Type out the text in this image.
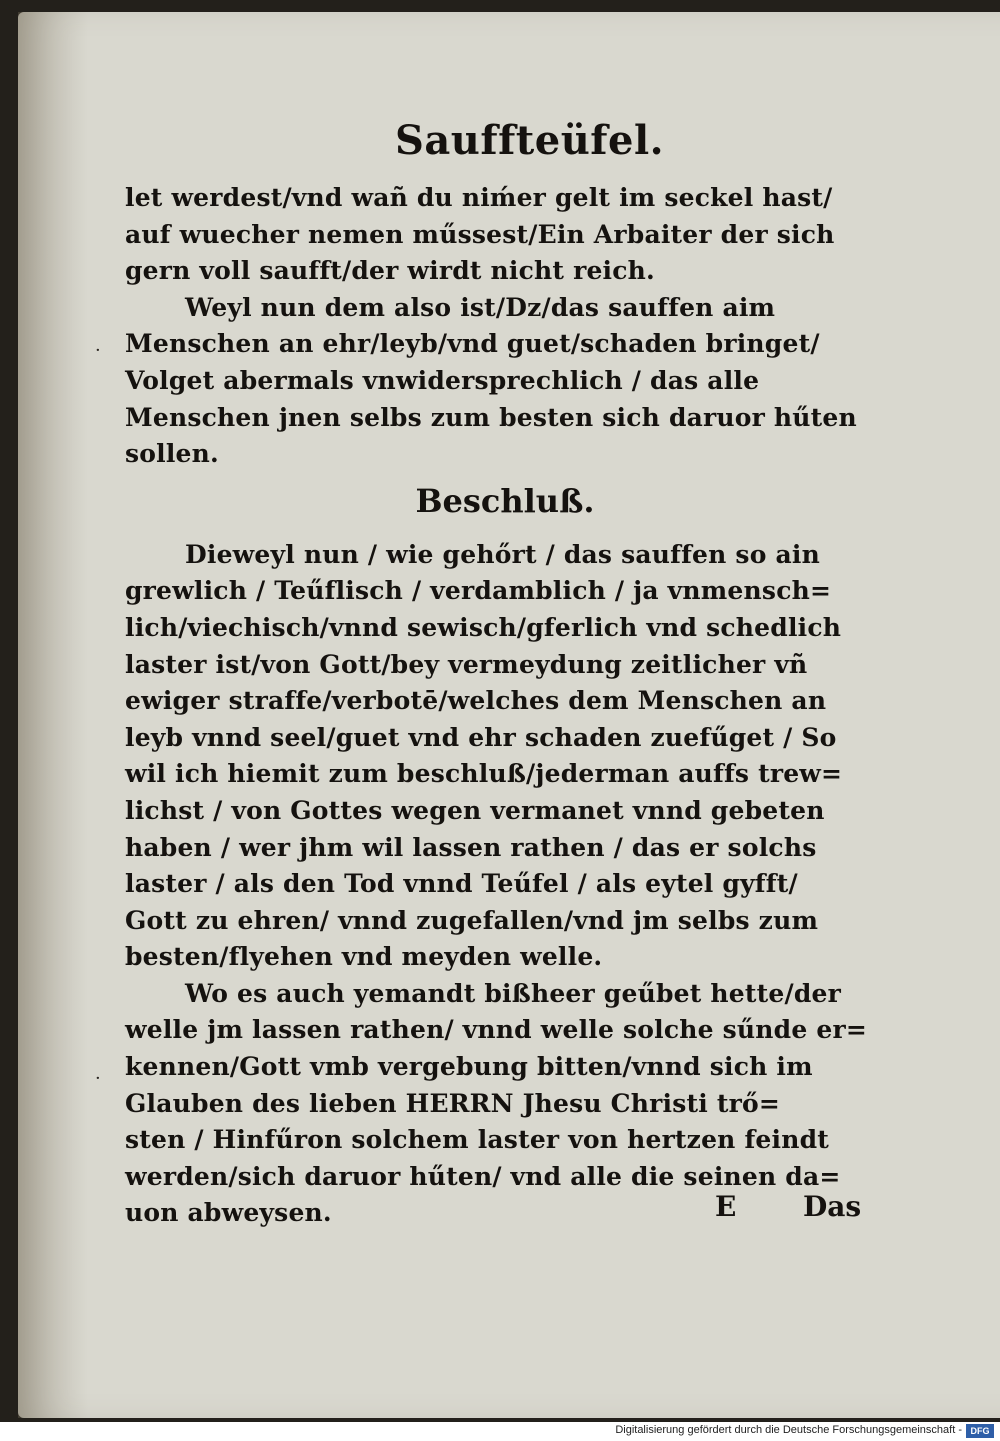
Sauffteüfel.
let werdest/vnd wañ du niḿer gelt im seckel hast/
auf wuecher nemen műssest/Ein Arbaiter der sich
gern voll saufft/der wirdt nicht reich.
Weyl nun dem also ist/Dz/das sauffen aim
Menschen an ehr/leyb/vnd guet/schaden bringet/
Volget abermals vnwidersprechlich / das alle
Menschen jnen selbs zum besten sich daruor hűten
sollen.
Beschluß.
Dieweyl nun / wie gehőrt / das sauffen so ain
grewlich / Teűflisch / verdamblich / ja vnmensch=
lich/viechisch/vnnd sewisch/gferlich vnd schedlich
laster ist/von Gott/bey vermeydung zeitlicher vñ
ewiger straffe/verbotē/welches dem Menschen an
leyb vnnd seel/guet vnd ehr schaden zuefűget / So
wil ich hiemit zum beschluß/jederman auffs trew=
lichst / von Gottes wegen vermanet vnnd gebeten
haben / wer jhm wil lassen rathen / das er solchs
laster / als den Tod vnnd Teűfel / als eytel gyfft/
Gott zu ehren/ vnnd zugefallen/vnd jm selbs zum
besten/flyehen vnd meyden welle.
Wo es auch yemandt bißheer geűbet hette/der
welle jm lassen rathen/ vnnd welle solche sűnde er=
kennen/Gott vmb vergebung bitten/vnnd sich im
Glauben des lieben HERRN Jhesu Christi trő=
sten / Hinfűron solchem laster von hertzen feindt
werden/sich daruor hűten/ vnd alle die seinen da=
uon abweysen.
·
·
E Das
Digitalisierung gefördert durch die Deutsche Forschungsgemeinschaft - DFG
